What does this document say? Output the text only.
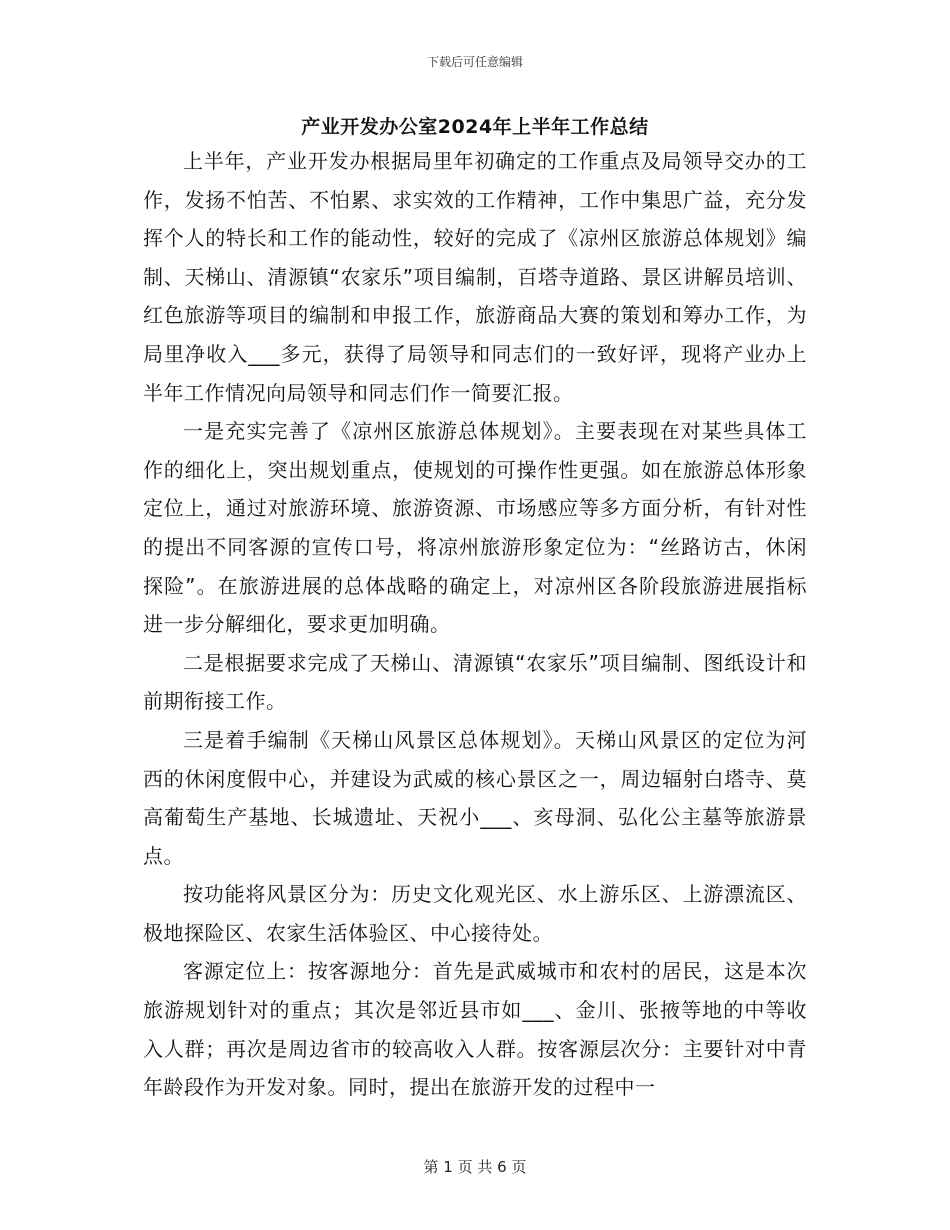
下载后可任意编辑
产业开发办公室2024年上半年工作总结

上半年，产业开发办根据局里年初确定的工作重点及局领导交办的工作，发扬不怕苦、不怕累、求实效的工作精神，工作中集思广益，充分发挥个人的特长和工作的能动性，较好的完成了《凉州区旅游总体规划》编制、天梯山、清源镇“农家乐”项目编制，百塔寺道路、景区讲解员培训、红色旅游等项目的编制和申报工作，旅游商品大赛的策划和筹办工作，为局里净收入___多元，获得了局领导和同志们的一致好评，现将产业办上半年工作情况向局领导和同志们作一简要汇报。

一是充实完善了《凉州区旅游总体规划》。主要表现在对某些具体工作的细化上，突出规划重点，使规划的可操作性更强。如在旅游总体形象定位上，通过对旅游环境、旅游资源、市场感应等多方面分析，有针对性的提出不同客源的宣传口号，将凉州旅游形象定位为：“丝路访古，休闲探险”。在旅游进展的总体战略的确定上，对凉州区各阶段旅游进展指标进一步分解细化，要求更加明确。

二是根据要求完成了天梯山、清源镇“农家乐”项目编制、图纸设计和前期衔接工作。

三是着手编制《天梯山风景区总体规划》。天梯山风景区的定位为河西的休闲度假中心，并建设为武威的核心景区之一，周边辐射白塔寺、莫高葡萄生产基地、长城遗址、天祝小___、亥母洞、弘化公主墓等旅游景点。

按功能将风景区分为：历史文化观光区、水上游乐区、上游漂流区、极地探险区、农家生活体验区、中心接待处。

客源定位上：按客源地分：首先是武威城市和农村的居民，这是本次旅游规划针对的重点；其次是邻近县市如___、金川、张掖等地的中等收入人群；再次是周边省市的较高收入人群。按客源层次分：主要针对中青年龄段作为开发对象。同时，提出在旅游开发的过程中一

第 1 页 共 6 页
